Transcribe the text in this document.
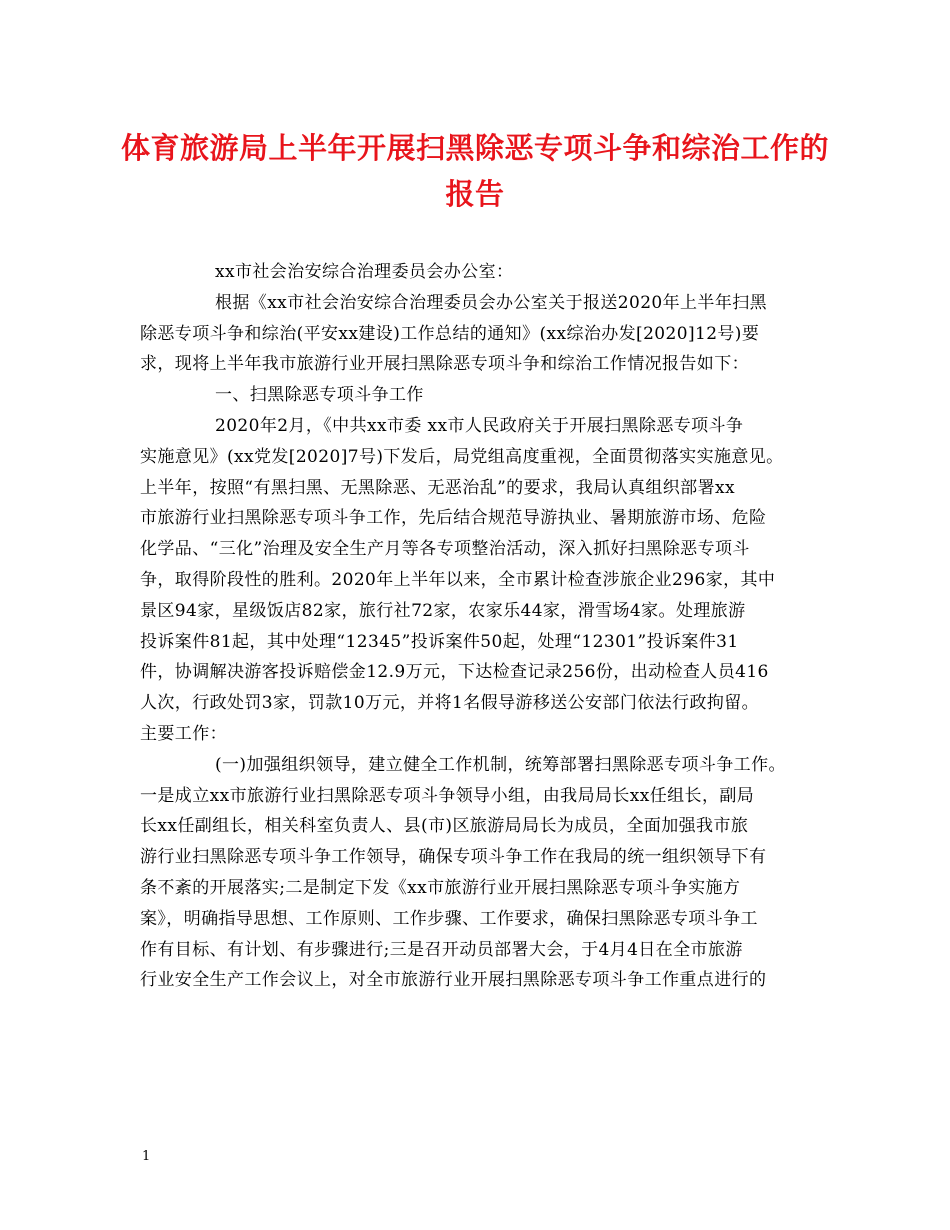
体育旅游局上半年开展扫黑除恶专项斗争和综治工作的
报告

xx市社会治安综合治理委员会办公室：

根据《xx市社会治安综合治理委员会办公室关于报送2020年上半年扫黑
除恶专项斗争和综治(平安xx建设)工作总结的通知》(xx综治办发[2020]12号)要
求，现将上半年我市旅游行业开展扫黑除恶专项斗争和综治工作情况报告如下：

一、扫黑除恶专项斗争工作

2020年2月，《中共xx市委 xx市人民政府关于开展扫黑除恶专项斗争
实施意见》(xx党发[2020]7号)下发后，局党组高度重视，全面贯彻落实实施意见。
上半年，按照“有黑扫黑、无黑除恶、无恶治乱”的要求，我局认真组织部署xx
市旅游行业扫黑除恶专项斗争工作，先后结合规范导游执业、暑期旅游市场、危险
化学品、“三化”治理及安全生产月等各专项整治活动，深入抓好扫黑除恶专项斗
争，取得阶段性的胜利。2020年上半年以来，全市累计检查涉旅企业296家，其中
景区94家，星级饭店82家，旅行社72家，农家乐44家，滑雪场4家。处理旅游
投诉案件81起，其中处理“12345”投诉案件50起，处理“12301”投诉案件31
件，协调解决游客投诉赔偿金12.9万元，下达检查记录256份，出动检查人员416
人次，行政处罚3家，罚款10万元，并将1名假导游移送公安部门依法行政拘留。
主要工作：

(一)加强组织领导，建立健全工作机制，统筹部署扫黑除恶专项斗争工作。
一是成立xx市旅游行业扫黑除恶专项斗争领导小组，由我局局长xx任组长，副局
长xx任副组长，相关科室负责人、县(市)区旅游局局长为成员，全面加强我市旅
游行业扫黑除恶专项斗争工作领导，确保专项斗争工作在我局的统一组织领导下有
条不紊的开展落实;二是制定下发《xx市旅游行业开展扫黑除恶专项斗争实施方
案》，明确指导思想、工作原则、工作步骤、工作要求，确保扫黑除恶专项斗争工
作有目标、有计划、有步骤进行;三是召开动员部署大会，于4月4日在全市旅游
行业安全生产工作会议上，对全市旅游行业开展扫黑除恶专项斗争工作重点进行的

1
